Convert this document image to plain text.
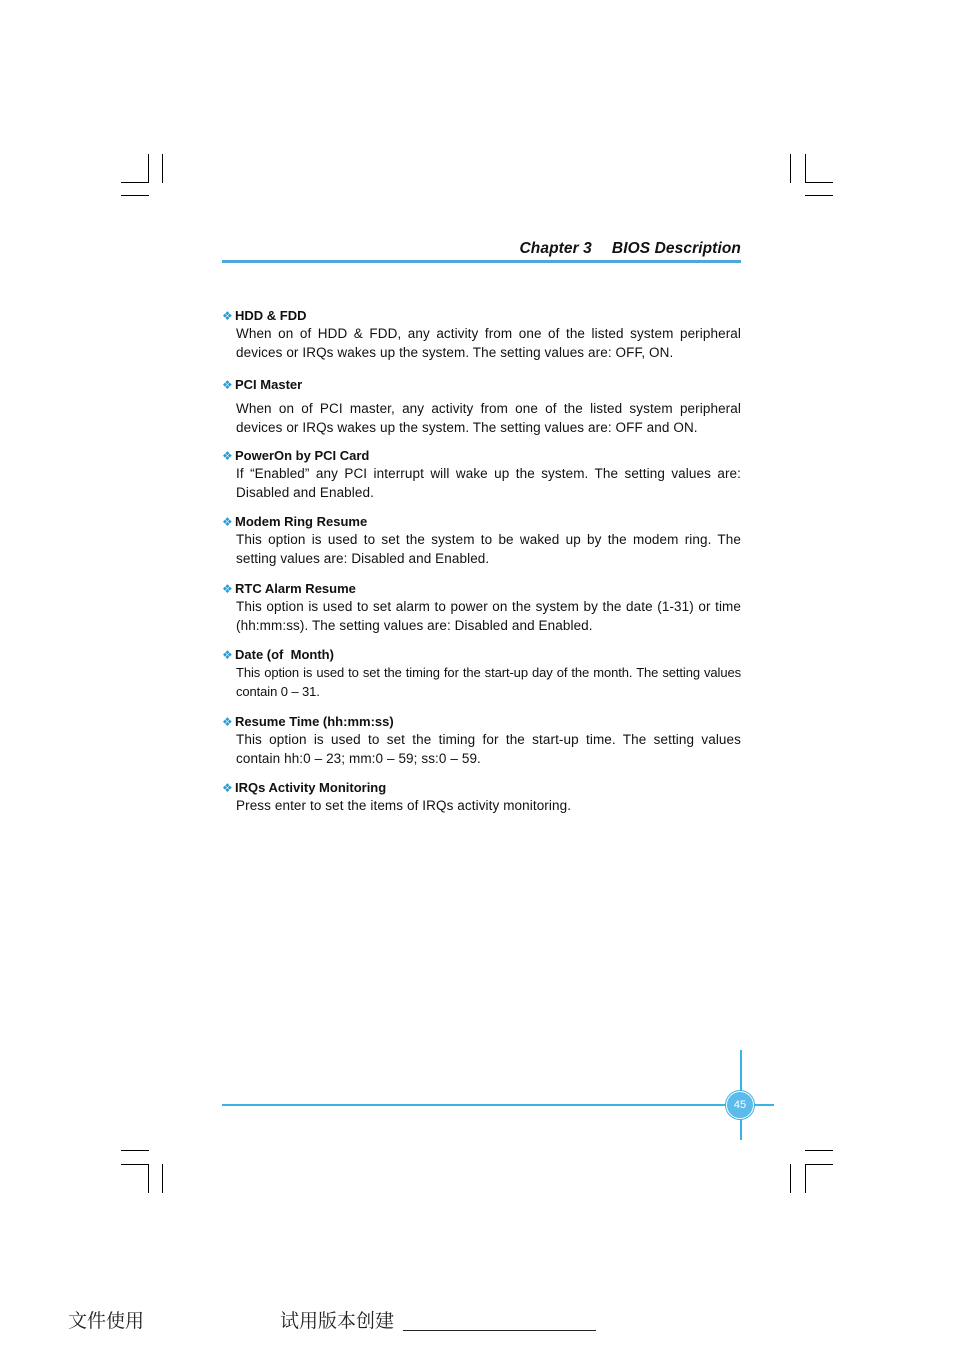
Chapter 3 BIOS Description
❖ HDD & FDD
When on of HDD & FDD, any activity from one of the listed system peripheral devices or IRQs wakes up the system. The setting values are: OFF, ON.
❖ PCI Master
When on of PCI master, any activity from one of the listed system peripheral devices or IRQs wakes up the system. The setting values are: OFF and ON.
❖ PowerOn by PCI Card
If “Enabled” any PCI interrupt will wake up the system. The setting values are: Disabled and Enabled.
❖ Modem Ring Resume
This option is used to set the system to be waked up by the modem ring. The setting values are: Disabled and Enabled.
❖ RTC Alarm Resume
This option is used to set alarm to power on the system by the date (1-31) or time (hh:mm:ss). The setting values are: Disabled and Enabled.
❖ Date (of  Month)
This option is used to set the timing for the start-up day of the month. The setting values contain 0 – 31.
❖ Resume Time (hh:mm:ss)
This option is used to set the timing for the start-up time. The setting values contain hh:0 – 23; mm:0 – 59; ss:0 – 59.
❖ IRQs Activity Monitoring
Press enter to set the items of IRQs activity monitoring.
45
文件使用	试用版本创建
